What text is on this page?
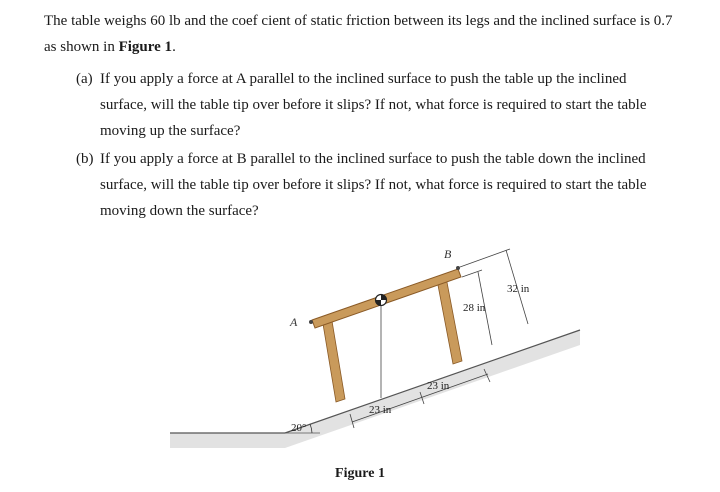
The table weighs 60 lb and the coef cient of static friction between its legs and the inclined surface is 0.7 as shown in Figure 1.
(a) If you apply a force at A parallel to the inclined surface to push the table up the inclined surface, will the table tip over before it slips? If not, what force is required to start the table moving up the surface?
(b) If you apply a force at B parallel to the inclined surface to push the table down the inclined surface, will the table tip over before it slips? If not, what force is required to start the table moving down the surface?
20°
A
B
32 in
28 in
23 in
23 in
Figure 1
